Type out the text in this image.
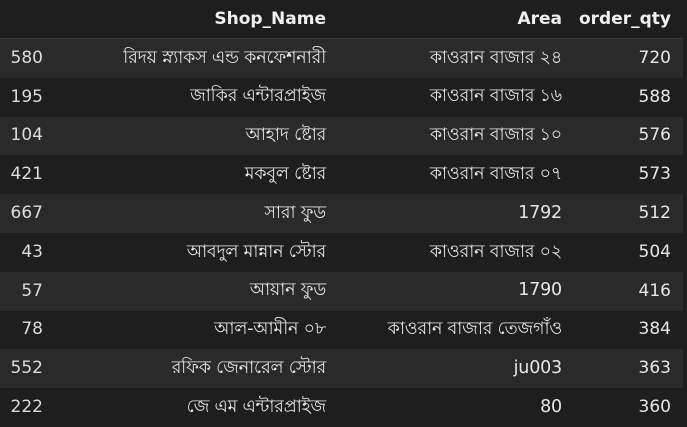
	Shop_Name	Area	order_qty
580	রিদয় স্ন্যাকস এন্ড কনফেশনারী	কাওরান বাজার ২৪	720
195	জাকির এন্টারপ্রাইজ	কাওরান বাজার ১৬	588
104	আহাদ ষ্টোর	কাওরান বাজার ১০	576
421	মকবুল ষ্টোর	কাওরান বাজার ০৭	573
667	সারা ফুড	1792	512
43	আবদুল মান্নান স্টোর	কাওরান বাজার ০২	504
57	আয়ান ফুড	1790	416
78	আল-আমীন ০৮	কাওরান বাজার তেজগাঁও	384
552	রফিক জেনারেল স্টোর	ju003	363
222	জে এম এন্টারপ্রাইজ	80	360
